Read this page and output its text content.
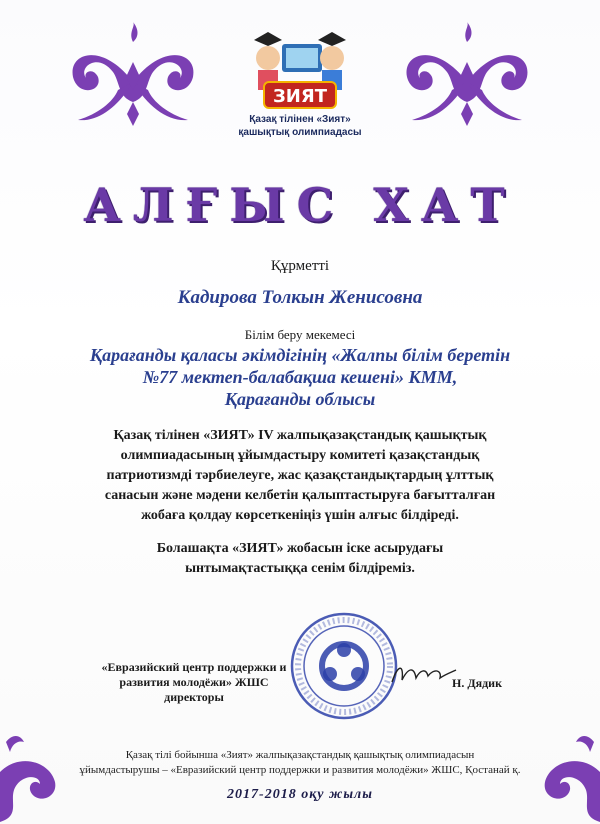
ЗИЯТ
Қазақ тілінен «Зият»
қашықтық олимпиадасы
АЛҒЫС ХАТ
Құрметті
Кадирова Толкын Женисовна
Білім беру мекемесі
Қарағанды қаласы әкімдігінің «Жалпы білім беретін
№77 мектеп-балабақша кешені» КММ,
Қарағанды облысы
Қазақ тілінен «ЗИЯТ» IV жалпықазақстандық қашықтық
олимпиадасының ұйымдастыру комитеті қазақстандық
патриотизмді тәрбиелеуге, жас қазақстандықтардың ұлттық
санасын және мәдени келбетін қалыптастыруға бағытталған
жобаға қолдау көрсеткеніңіз үшін алғыс білдіреді.
Болашақта «ЗИЯТ» жобасын іске асырудағы
ынтымақтастыққа сенім білдіреміз.
«Евразийский центр поддержки и
развития молодёжи» ЖШС директоры
Н. Дядик
Қазақ тілі бойынша «Зият» жалпықазақстандық қашықтық олимпиадасын
ұйымдастырушы – «Евразийский центр поддержки и развития молодёжи» ЖШС, Қостанай қ.
2017-2018 оқу жылы
